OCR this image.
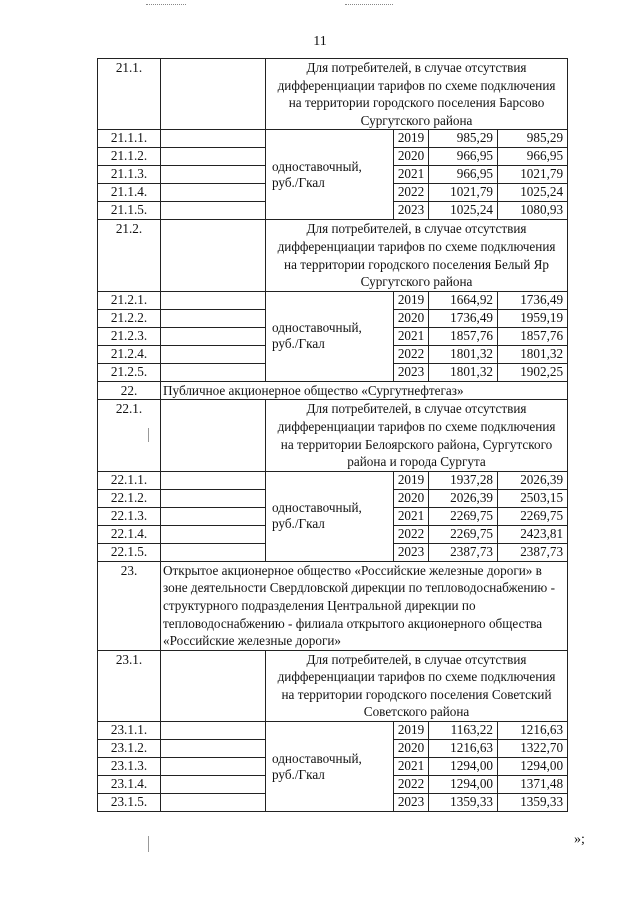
11
21.1.		Для потребителей, в случае отсутствия дифференциации тарифов по схеме подключения на территории городского поселения Барсово Сургутского района			
21.1.1.		одноставочный, руб./Гкал	2019	985,29	985,29
21.1.2.			2020	966,95	966,95
21.1.3.			2021	966,95	1021,79
21.1.4.			2022	1021,79	1025,24
21.1.5.			2023	1025,24	1080,93
21.2.		Для потребителей, в случае отсутствия дифференциации тарифов по схеме подключения на территории городского поселения Белый Яр Сургутского района			
21.2.1.		одноставочный, руб./Гкал	2019	1664,92	1736,49
21.2.2.			2020	1736,49	1959,19
21.2.3.			2021	1857,76	1857,76
21.2.4.			2022	1801,32	1801,32
21.2.5.			2023	1801,32	1902,25
22.	Публичное акционерное общество «Сургутнефтегаз»				
22.1.		Для потребителей, в случае отсутствия дифференциации тарифов по схеме подключения на территории Белоярского района, Сургутского района и города Сургута			
22.1.1.		одноставочный, руб./Гкал	2019	1937,28	2026,39
22.1.2.			2020	2026,39	2503,15
22.1.3.			2021	2269,75	2269,75
22.1.4.			2022	2269,75	2423,81
22.1.5.			2023	2387,73	2387,73
23.	Открытое акционерное общество «Российские железные дороги» в зоне деятельности Свердловской дирекции по тепловодоснабжению - структурного подразделения Центральной дирекции по тепловодоснабжению - филиала открытого акционерного общества «Российские железные дороги»				
23.1.		Для потребителей, в случае отсутствия дифференциации тарифов по схеме подключения на территории городского поселения Советский Советского района			
23.1.1.		одноставочный, руб./Гкал	2019	1163,22	1216,63
23.1.2.			2020	1216,63	1322,70
23.1.3.			2021	1294,00	1294,00
23.1.4.			2022	1294,00	1371,48
23.1.5.			2023	1359,33	1359,33
»;
